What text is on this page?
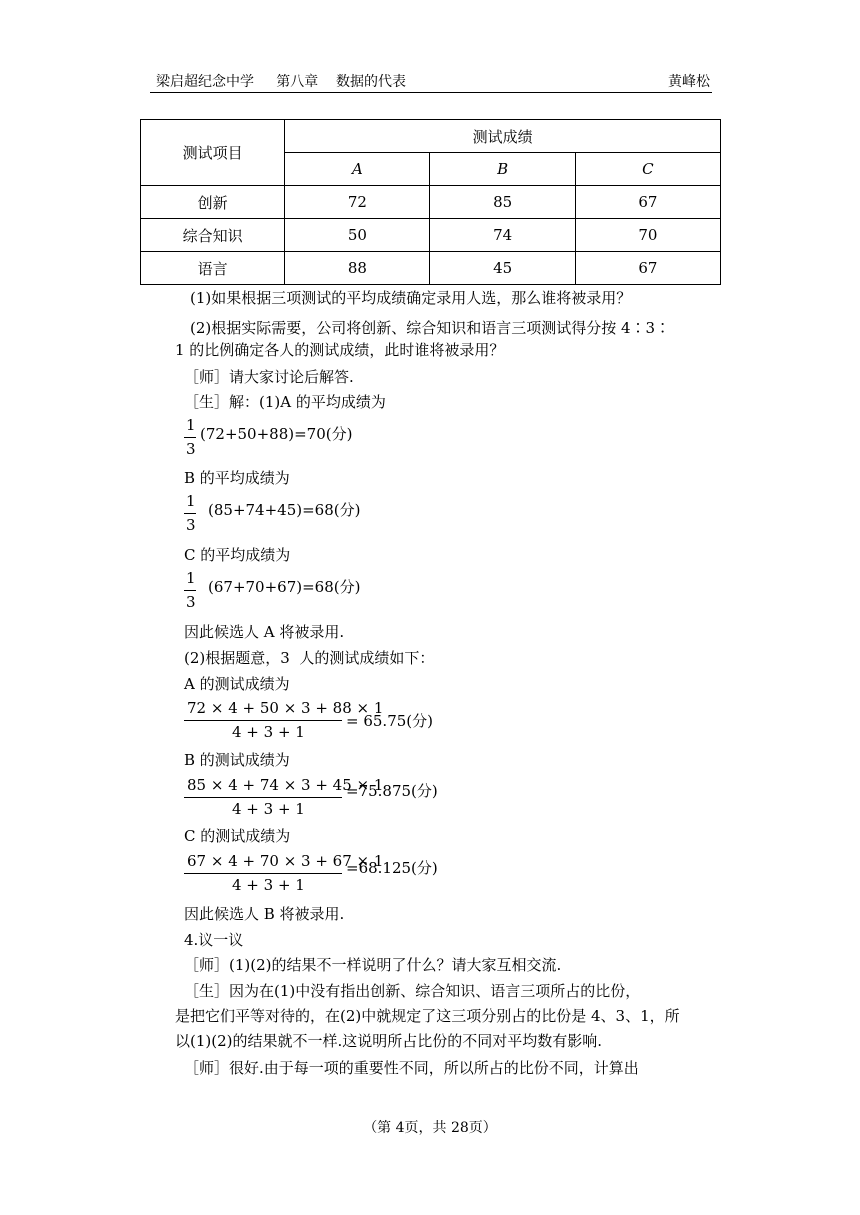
梁启超纪念中学     第八章    数据的代表	黄峰松
测试项目	测试成绩		
	A	B	C
创新	72	85	67
综合知识	50	74	70
语言	88	45	67
(1)如果根据三项测试的平均成绩确定录用人选，那么谁将被录用？
(2)根据实际需要，公司将创新、综合知识和语言三项测试得分按 4∶3∶
1 的比例确定各人的测试成绩，此时谁将被录用？
［师］请大家讨论后解答.
［生］解：(1)A 的平均成绩为
1
3
(72+50+88)=70(分)
B 的平均成绩为
1
3
(85+74+45)=68(分)
C 的平均成绩为
1
3
(67+70+67)=68(分)
因此候选人 A 将被录用.
(2)根据题意，3  人的测试成绩如下：
A 的测试成绩为
72 × 4 + 50 × 3 + 88 × 1
4 + 3 + 1
= 65.75(分)
B 的测试成绩为
85 × 4 + 74 × 3 + 45 × 1
4 + 3 + 1
=75.875(分)
C 的测试成绩为
67 × 4 + 70 × 3 + 67 × 1
4 + 3 + 1
=68.125(分)
因此候选人 B 将被录用.
4.议一议
［师］(1)(2)的结果不一样说明了什么？请大家互相交流.
［生］因为在(1)中没有指出创新、综合知识、语言三项所占的比份，
是把它们平等对待的，在(2)中就规定了这三项分别占的比份是 4、3、1，所
以(1)(2)的结果就不一样.这说明所占比份的不同对平均数有影响.
［师］很好.由于每一项的重要性不同，所以所占的比份不同，计算出
（第 4页，共 28页）
